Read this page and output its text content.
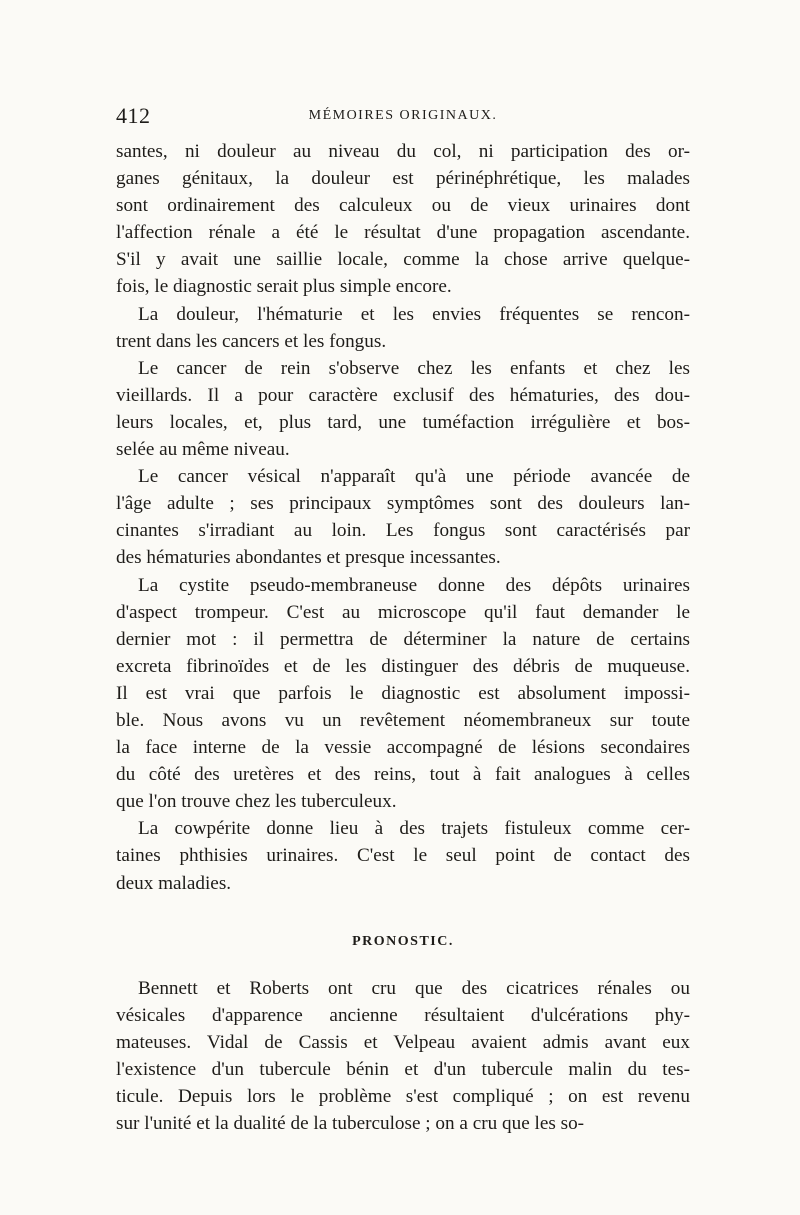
412	MÉMOIRES ORIGINAUX.
santes, ni douleur au niveau du col, ni participation des or-
ganes génitaux, la douleur est périnéphrétique, les malades
sont ordinairement des calculeux ou de vieux urinaires dont
l'affection rénale a été le résultat d'une propagation ascendante.
S'il y avait une saillie locale, comme la chose arrive quelque-
fois, le diagnostic serait plus simple encore.
La douleur, l'hématurie et les envies fréquentes se rencon-
trent dans les cancers et les fongus.
Le cancer de rein s'observe chez les enfants et chez les
vieillards. Il a pour caractère exclusif des hématuries, des dou-
leurs locales, et, plus tard, une tuméfaction irrégulière et bos-
selée au même niveau.
Le cancer vésical n'apparaît qu'à une période avancée de
l'âge adulte ; ses principaux symptômes sont des douleurs lan-
cinantes s'irradiant au loin. Les fongus sont caractérisés par
des hématuries abondantes et presque incessantes.
La cystite pseudo-membraneuse donne des dépôts urinaires
d'aspect trompeur. C'est au microscope qu'il faut demander le
dernier mot : il permettra de déterminer la nature de certains
excreta fibrinoïdes et de les distinguer des débris de muqueuse.
Il est vrai que parfois le diagnostic est absolument impossi-
ble. Nous avons vu un revêtement néomembraneux sur toute
la face interne de la vessie accompagné de lésions secondaires
du côté des uretères et des reins, tout à fait analogues à celles
que l'on trouve chez les tuberculeux.
La cowpérite donne lieu à des trajets fistuleux comme cer-
taines phthisies urinaires. C'est le seul point de contact des
deux maladies.
PRONOSTIC.
Bennett et Roberts ont cru que des cicatrices rénales ou
vésicales d'apparence ancienne résultaient d'ulcérations phy-
mateuses. Vidal de Cassis et Velpeau avaient admis avant eux
l'existence d'un tubercule bénin et d'un tubercule malin du tes-
ticule. Depuis lors le problème s'est compliqué ; on est revenu
sur l'unité et la dualité de la tuberculose ; on a cru que les so-
